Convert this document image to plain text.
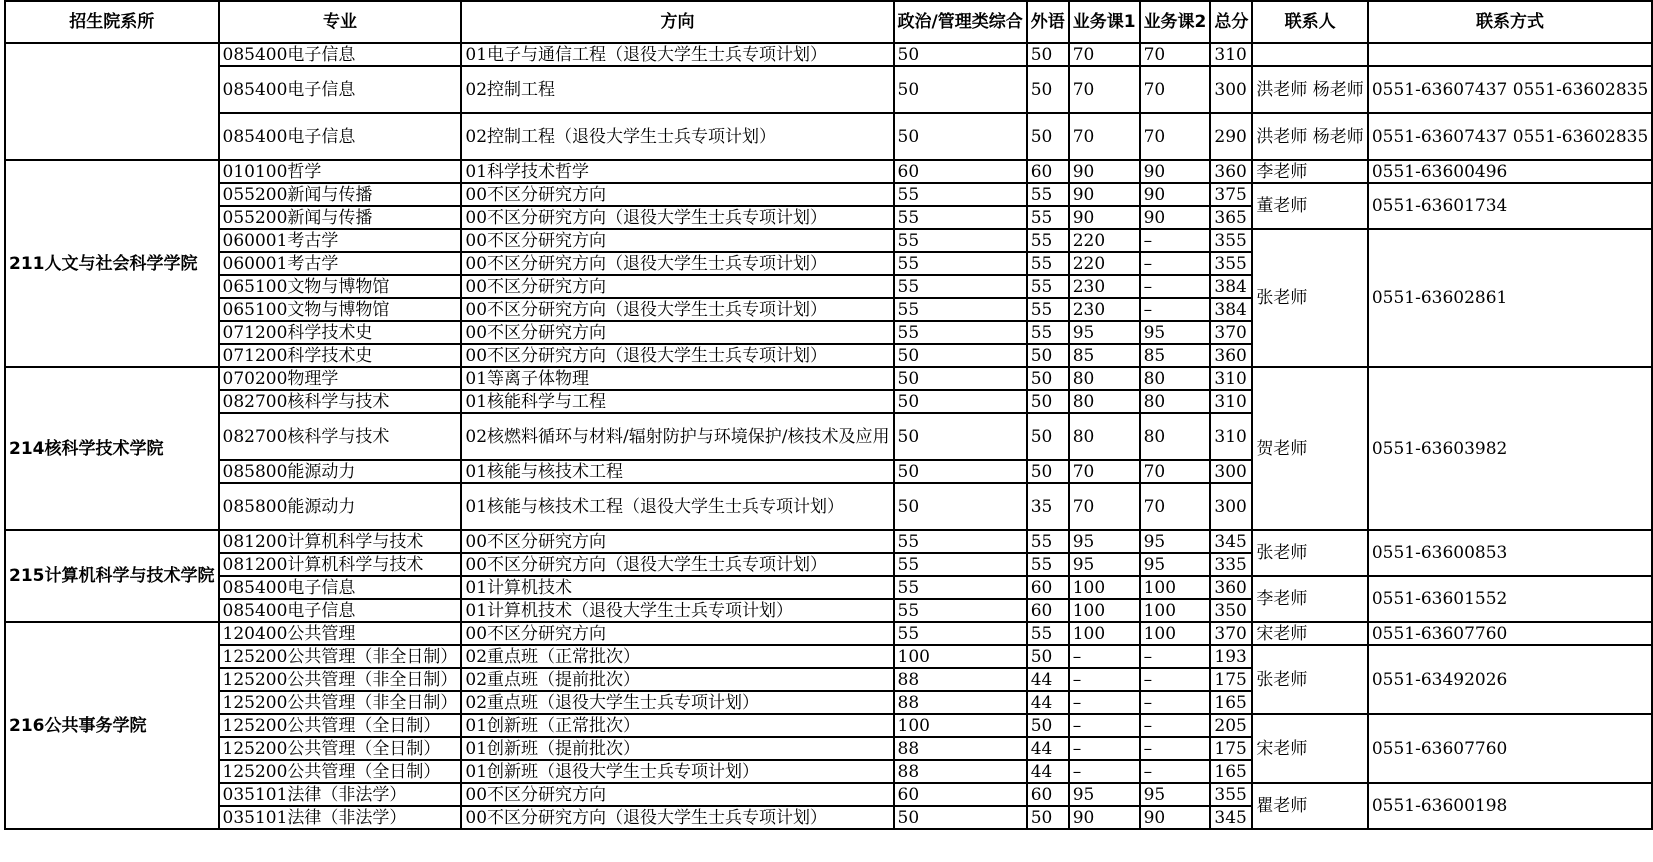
招生院系所	专业	方向	政治/管理类综合	外语	业务课1	业务课2	总分	联系人	联系方式
	085400电子信息	01电子与通信工程（退役大学生士兵专项计划）	50	50	70	70	310		
	085400电子信息	02控制工程	50	50	70	70	300	洪老师 杨老师	0551-63607437 0551-63602835
	085400电子信息	02控制工程（退役大学生士兵专项计划）	50	50	70	70	290	洪老师 杨老师	0551-63607437 0551-63602835
211人文与社会科学学院	010100哲学	01科学技术哲学	60	60	90	90	360	李老师	0551-63600496
	055200新闻与传播	00不区分研究方向	55	55	90	90	375	董老师	0551-63601734
	055200新闻与传播	00不区分研究方向（退役大学生士兵专项计划）	55	55	90	90	365		
	060001考古学	00不区分研究方向	55	55	220	–	355	张老师	0551-63602861
	060001考古学	00不区分研究方向（退役大学生士兵专项计划）	55	55	220	–	355		
	065100文物与博物馆	00不区分研究方向	55	55	230	–	384		
	065100文物与博物馆	00不区分研究方向（退役大学生士兵专项计划）	55	55	230	–	384		
	071200科学技术史	00不区分研究方向	55	55	95	95	370		
	071200科学技术史	00不区分研究方向（退役大学生士兵专项计划）	50	50	85	85	360		
214核科学技术学院	070200物理学	01等离子体物理	50	50	80	80	310	贺老师	0551-63603982
	082700核科学与技术	01核能科学与工程	50	50	80	80	310		
	082700核科学与技术	02核燃料循环与材料/辐射防护与环境保护/核技术及应用	50	50	80	80	310		
	085800能源动力	01核能与核技术工程	50	50	70	70	300		
	085800能源动力	01核能与核技术工程（退役大学生士兵专项计划）	50	35	70	70	300		
215计算机科学与技术学院	081200计算机科学与技术	00不区分研究方向	55	55	95	95	345	张老师	0551-63600853
	081200计算机科学与技术	00不区分研究方向（退役大学生士兵专项计划）	55	55	95	95	335		
	085400电子信息	01计算机技术	55	60	100	100	360	李老师	0551-63601552
	085400电子信息	01计算机技术（退役大学生士兵专项计划）	55	60	100	100	350		
216公共事务学院	120400公共管理	00不区分研究方向	55	55	100	100	370	宋老师	0551-63607760
	125200公共管理（非全日制）	02重点班（正常批次）	100	50	–	–	193	张老师	0551-63492026
	125200公共管理（非全日制）	02重点班（提前批次）	88	44	–	–	175		
	125200公共管理（非全日制）	02重点班（退役大学生士兵专项计划）	88	44	–	–	165		
	125200公共管理（全日制）	01创新班（正常批次）	100	50	–	–	205	宋老师	0551-63607760
	125200公共管理（全日制）	01创新班（提前批次）	88	44	–	–	175		
	125200公共管理（全日制）	01创新班（退役大学生士兵专项计划）	88	44	–	–	165		
	035101法律（非法学）	00不区分研究方向	60	60	95	95	355	瞿老师	0551-63600198
	035101法律（非法学）	00不区分研究方向（退役大学生士兵专项计划）	50	50	90	90	345		
